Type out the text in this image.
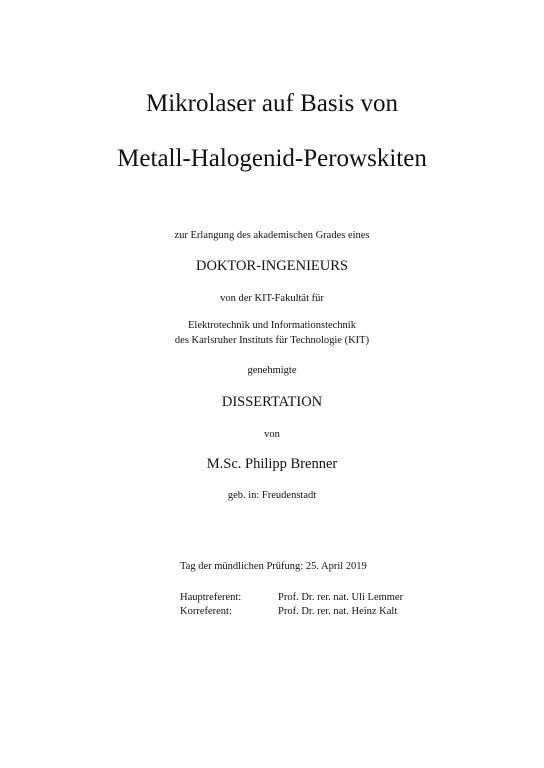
Mikrolaser auf Basis von
Metall-Halogenid-Perowskiten
zur Erlangung des akademischen Grades eines
DOKTOR-INGENIEURS
von der KIT-Fakultät für
Elektrotechnik und Informationstechnik
des Karlsruher Instituts für Technologie (KIT)
genehmigte
DISSERTATION
von
M.Sc. Philipp Brenner
geb. in: Freudenstadt
Tag der mündlichen Prüfung: 25. April 2019
Hauptreferent:	Prof. Dr. rer. nat. Uli Lemmer
Korreferent:	Prof. Dr. rer. nat. Heinz Kalt
